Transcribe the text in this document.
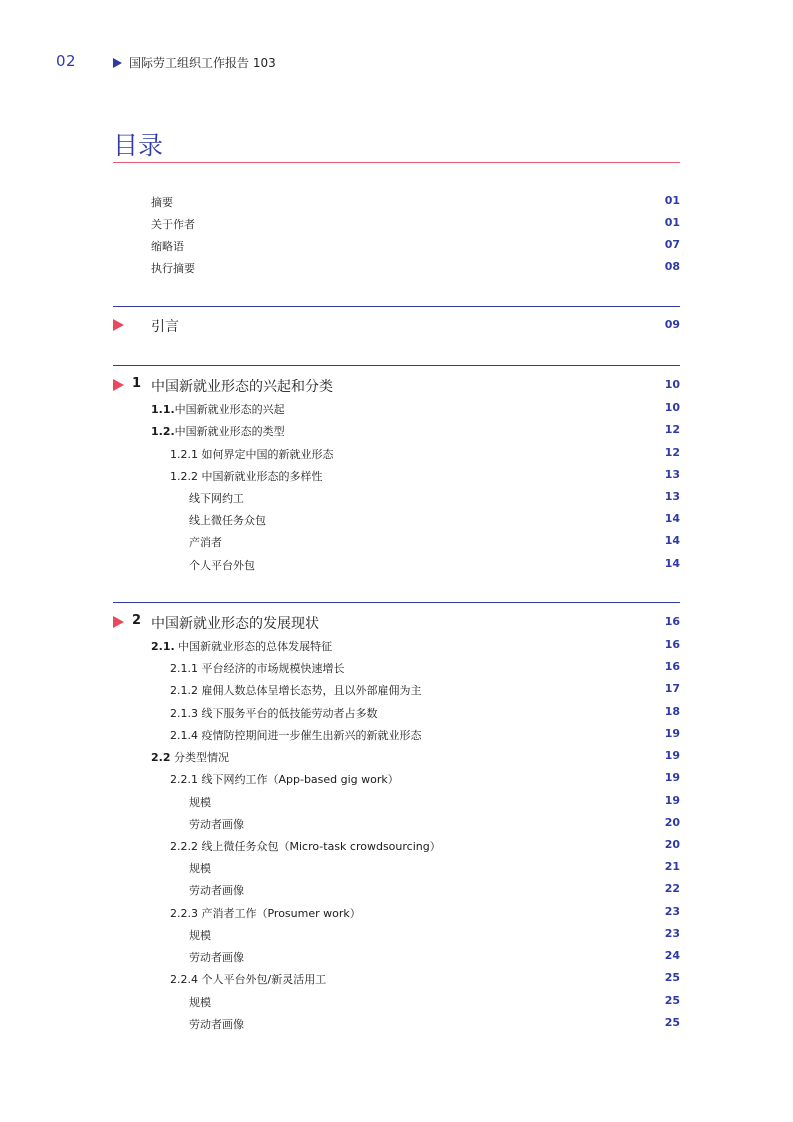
02	国际劳工组织工作报告 103
目录
摘要	01
关于作者	01
缩略语	07
执行摘要	08
引言	09
1 中国新就业形态的兴起和分类	10
1.1.中国新就业形态的兴起	10
1.2.中国新就业形态的类型	12
1.2.1 如何界定中国的新就业形态	12
1.2.2 中国新就业形态的多样性	13
线下网约工	13
线上微任务众包	14
产消者	14
个人平台外包	14
2 中国新就业形态的发展现状	16
2.1. 中国新就业形态的总体发展特征	16
2.1.1 平台经济的市场规模快速增长	16
2.1.2 雇佣人数总体呈增长态势，且以外部雇佣为主	17
2.1.3 线下服务平台的低技能劳动者占多数	18
2.1.4 疫情防控期间进一步催生出新兴的新就业形态	19
2.2 分类型情况	19
2.2.1 线下网约工作（App-based gig work）	19
规模	19
劳动者画像	20
2.2.2 线上微任务众包（Micro-task crowdsourcing）	20
规模	21
劳动者画像	22
2.2.3 产消者工作（Prosumer work）	23
规模	23
劳动者画像	24
2.2.4 个人平台外包/新灵活用工	25
规模	25
劳动者画像	25
